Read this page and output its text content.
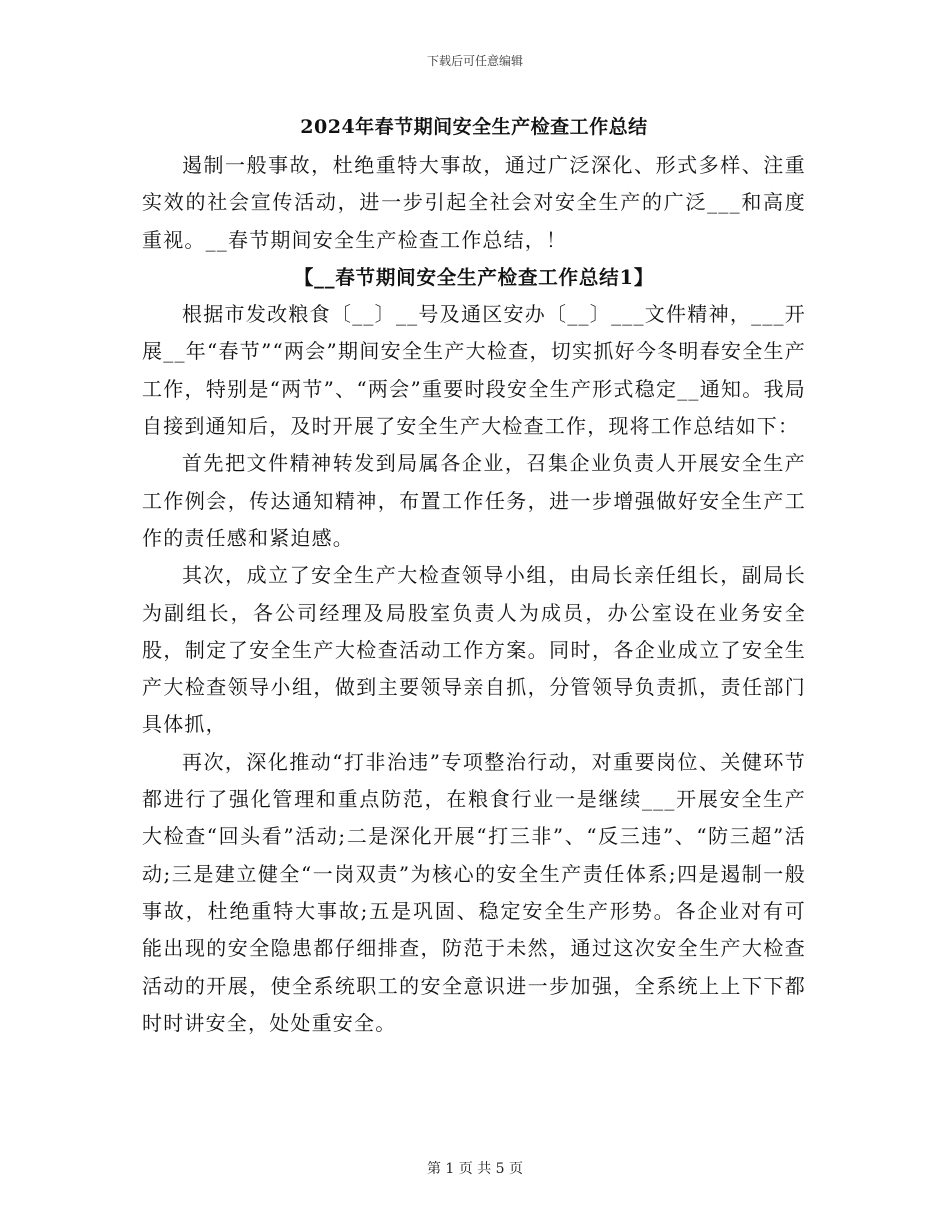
下载后可任意编辑
2024年春节期间安全生产检查工作总结

遏制一般事故，杜绝重特大事故，通过广泛深化、形式多样、注重实效的社会宣传活动，进一步引起全社会对安全生产的广泛___和高度重视。__春节期间安全生产检查工作总结，！

【__春节期间安全生产检查工作总结1】

根据市发改粮食〔__〕__号及通区安办〔__〕___文件精神，___开展__年“春节”“两会”期间安全生产大检查，切实抓好今冬明春安全生产工作，特别是“两节”、“两会”重要时段安全生产形式稳定__通知。我局自接到通知后，及时开展了安全生产大检查工作，现将工作总结如下：

首先把文件精神转发到局属各企业，召集企业负责人开展安全生产工作例会，传达通知精神，布置工作任务，进一步增强做好安全生产工作的责任感和紧迫感。

其次，成立了安全生产大检查领导小组，由局长亲任组长，副局长为副组长，各公司经理及局股室负责人为成员，办公室设在业务安全股，制定了安全生产大检查活动工作方案。同时，各企业成立了安全生产大检查领导小组，做到主要领导亲自抓，分管领导负责抓，责任部门具体抓，

再次，深化推动“打非治违”专项整治行动，对重要岗位、关健环节都进行了强化管理和重点防范，在粮食行业一是继续___开展安全生产大检查“回头看”活动;二是深化开展“打三非”、“反三违”、“防三超”活动;三是建立健全“一岗双责”为核心的安全生产责任体系;四是遏制一般事故，杜绝重特大事故;五是巩固、稳定安全生产形势。各企业对有可能出现的安全隐患都仔细排查，防范于未然，通过这次安全生产大检查活动的开展，使全系统职工的安全意识进一步加强，全系统上上下下都时时讲安全，处处重安全。

第 1 页 共 5 页
